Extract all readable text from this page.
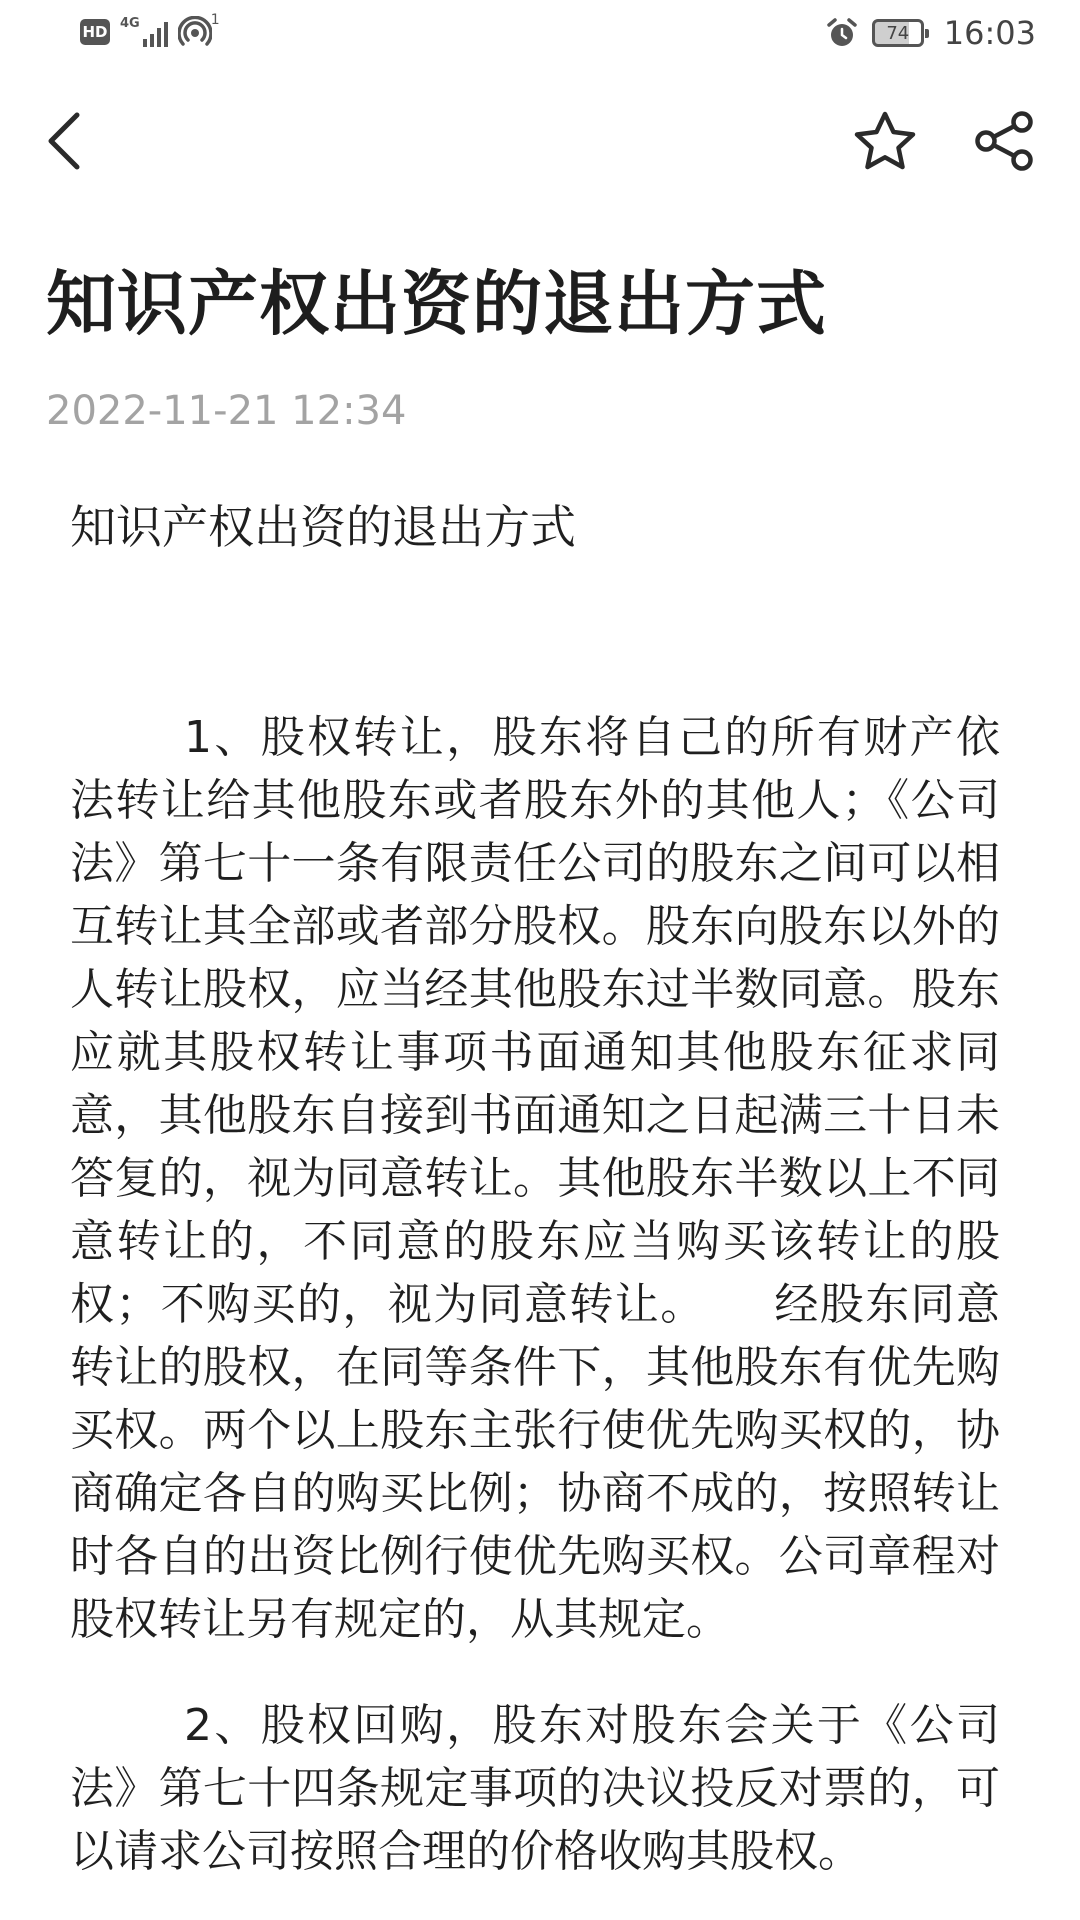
HD 4G	1
74 16:03
知识产权出资的退出方式
2022-11-21 12:34

知识产权出资的退出方式

1、股权转让，股东将自己的所有财产依法转让给其他股东或者股东外的其他人；《公司法》第七十一条有限责任公司的股东之间可以相互转让其全部或者部分股权。股东向股东以外的人转让股权，应当经其他股东过半数同意。股东应就其股权转让事项书面通知其他股东征求同意，其他股东自接到书面通知之日起满三十日未答复的，视为同意转让。其他股东半数以上不同意转让的，不同意的股东应当购买该转让的股权；不购买的，视为同意转让。　　经股东同意转让的股权，在同等条件下，其他股东有优先购买权。两个以上股东主张行使优先购买权的，协商确定各自的购买比例；协商不成的，按照转让时各自的出资比例行使优先购买权。公司章程对股权转让另有规定的，从其规定。

2、股权回购，股东对股东会关于《公司法》第七十四条规定事项的决议投反对票的，可以请求公司按照合理的价格收购其股权。
